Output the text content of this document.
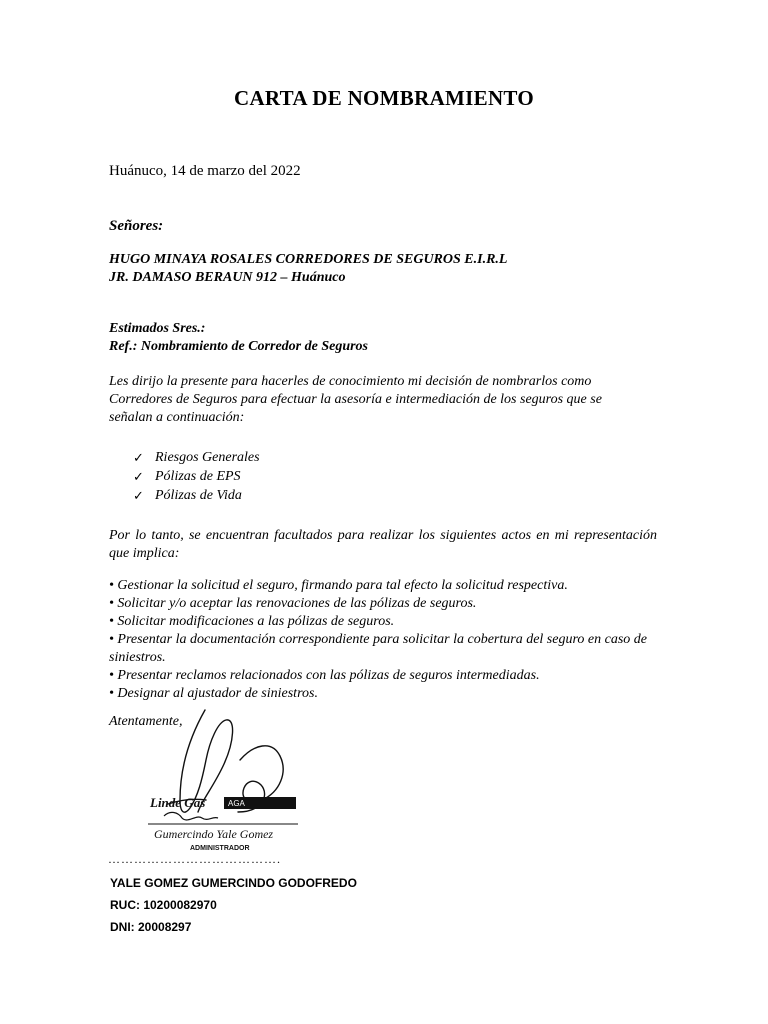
CARTA DE NOMBRAMIENTO
Huánuco, 14 de marzo del 2022
Señores:
HUGO MINAYA ROSALES CORREDORES DE SEGUROS E.I.R.L
JR. DAMASO BERAUN 912 – Huánuco
Estimados Sres.:
Ref.: Nombramiento de Corredor de Seguros
Les dirijo la presente para hacerles de conocimiento mi decisión de nombrarlos como
Corredores de Seguros para efectuar la asesoría e intermediación de los seguros que se
señalan a continuación:
✓ Riesgos Generales
✓ Pólizas de EPS
✓ Pólizas de Vida
Por lo tanto, se encuentran facultados para realizar los siguientes actos en mi representación que implica:
• Gestionar la solicitud el seguro, firmando para tal efecto la solicitud respectiva.
• Solicitar y/o aceptar las renovaciones de las pólizas de seguros.
• Solicitar modificaciones a las pólizas de seguros.
• Presentar la documentación correspondiente para solicitar la cobertura del seguro en caso de siniestros.
• Presentar reclamos relacionados con las pólizas de seguros intermediadas.
• Designar al ajustador de siniestros.
Atentamente,
Linde Gas	AGA
Gumercindo Yale Gomez
ADMINISTRADOR
………………………………….
YALE GOMEZ GUMERCINDO GODOFREDO
RUC: 10200082970
DNI: 20008297
